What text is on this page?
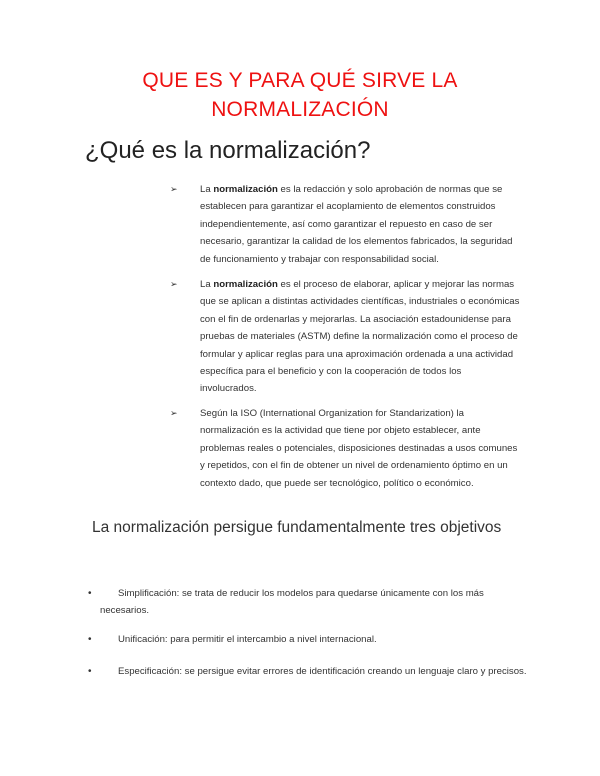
QUE ES Y PARA QUÉ SIRVE LA
NORMALIZACIÓN
¿Qué es la normalización?
➢ La normalización es la redacción y solo aprobación de normas que se establecen para garantizar el acoplamiento de elementos construidos independientemente, así como garantizar el repuesto en caso de ser necesario, garantizar la calidad de los elementos fabricados, la seguridad de funcionamiento y trabajar con responsabilidad social.
➢ La normalización es el proceso de elaborar, aplicar y mejorar las normas que se aplican a distintas actividades científicas, industriales o económicas con el fin de ordenarlas y mejorarlas. La asociación estadounidense para pruebas de materiales (ASTM) define la normalización como el proceso de formular y aplicar reglas para una aproximación ordenada a una actividad específica para el beneficio y con la cooperación de todos los involucrados.
➢ Según la ISO (International Organization for Standarization) la normalización es la actividad que tiene por objeto establecer, ante problemas reales o potenciales, disposiciones destinadas a usos comunes y repetidos, con el fin de obtener un nivel de ordenamiento óptimo en un contexto dado, que puede ser tecnológico, político o económico.
La normalización persigue fundamentalmente tres objetivos
•	Simplificación: se trata de reducir los modelos para quedarse únicamente con los más necesarios.
•	Unificación: para permitir el intercambio a nivel internacional.
•	Especificación: se persigue evitar errores de identificación creando un lenguaje claro y precisos.
